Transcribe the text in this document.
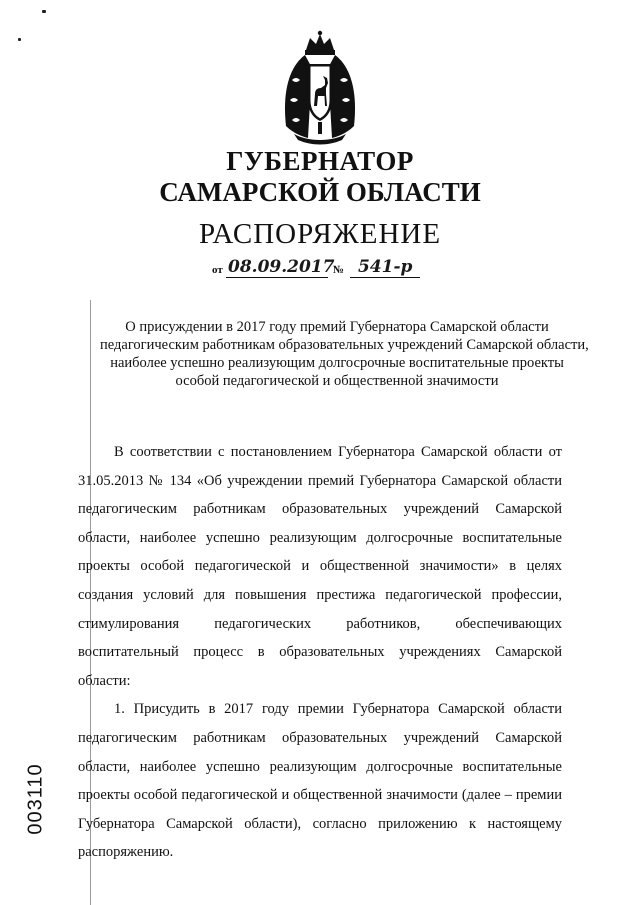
ГУБЕРНАТОР
САМАРСКОЙ ОБЛАСТИ
РАСПОРЯЖЕНИЕ
от 08.09.2017
№ 541-р
О присуждении в 2017 году премий Губернатора Самарской области
педагогическим работникам образовательных учреждений Самарской области,
наиболее успешно реализующим долгосрочные воспитательные проекты
особой педагогической и общественной значимости

В соответствии с постановлением Губернатора Самарской области от 31.05.2013 № 134 «Об учреждении премий Губернатора Самарской области педагогическим работникам образовательных учреждений Самарской области, наиболее успешно реализующим долгосрочные воспитательные проекты особой педагогической и общественной значимости» в целях создания условий для повышения престижа педагогической профессии, стимулирования педагогических работников, обеспечивающих воспитательный процесс в образовательных учреждениях Самарской области:

1. Присудить в 2017 году премии Губернатора Самарской области педагогическим работникам образовательных учреждений Самарской области, наиболее успешно реализующим долгосрочные воспитательные проекты особой педагогической и общественной значимости (далее – премии Губернатора Самарской области), согласно приложению к настоящему распоряжению.

003110
